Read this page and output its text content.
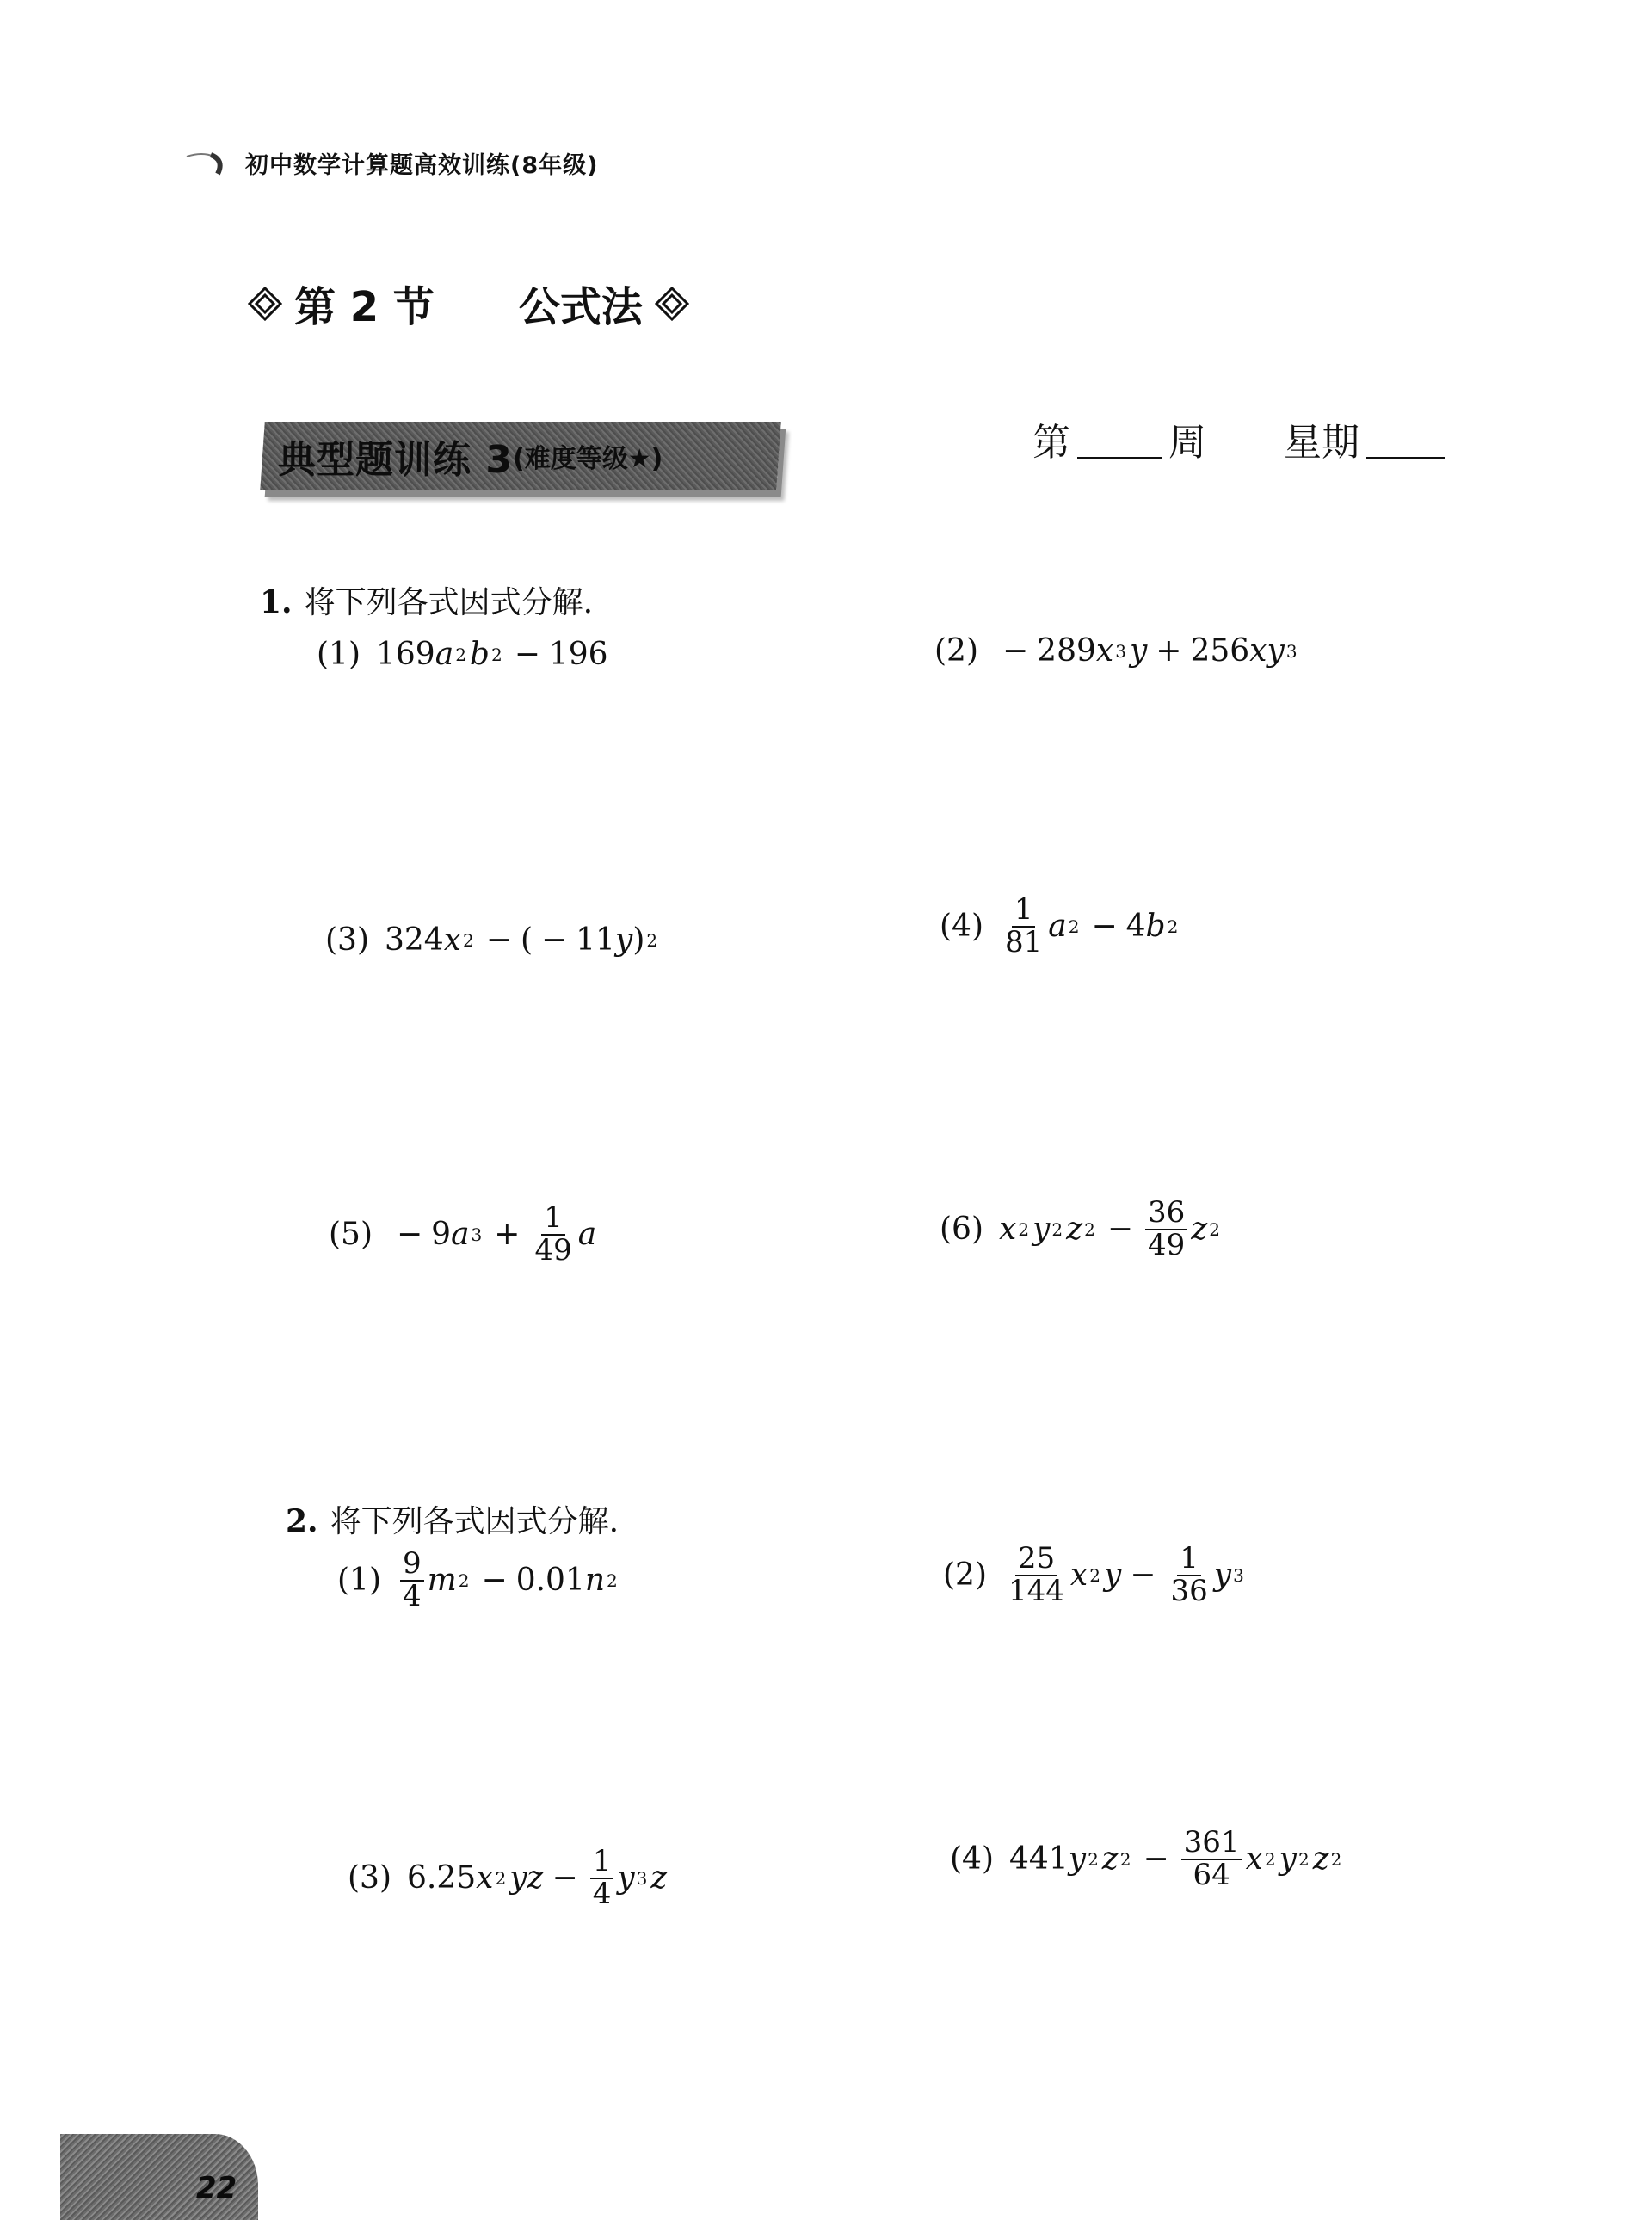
初中数学计算题高效训练(8年级)
第 2 节 公式法
典型题训练 3 (难度等级★)	第	周 星期
1. 将下列各式因式分解.
(1) 169 a 2 b 2 − 196	(2) − 289 x 3 y + 256 x y 3
(3) 324 x 2 − ( − 11 y ) 2	$(4) \frac{1}{81}$ a 2 − 4 b 2
(5) − 9 a $3 + \frac{1}{49}$ a	(6) x 2 y 2 z $2 - \frac{36}{49}$ z 2
2. 将下列各式因式分解.
$(1) \frac{9}{4}$ m 2 − 0.01 n 2	$(2) \frac{25}{144}$ x 2 $y - \frac{1}{36}$ y 3
(3) 6.25 x 2 y $z - \frac{1}{4}$ y 3 z
(4) 441 y 2 z $2 - \frac{361}{64}$ x 2 y 2 z 2
22
